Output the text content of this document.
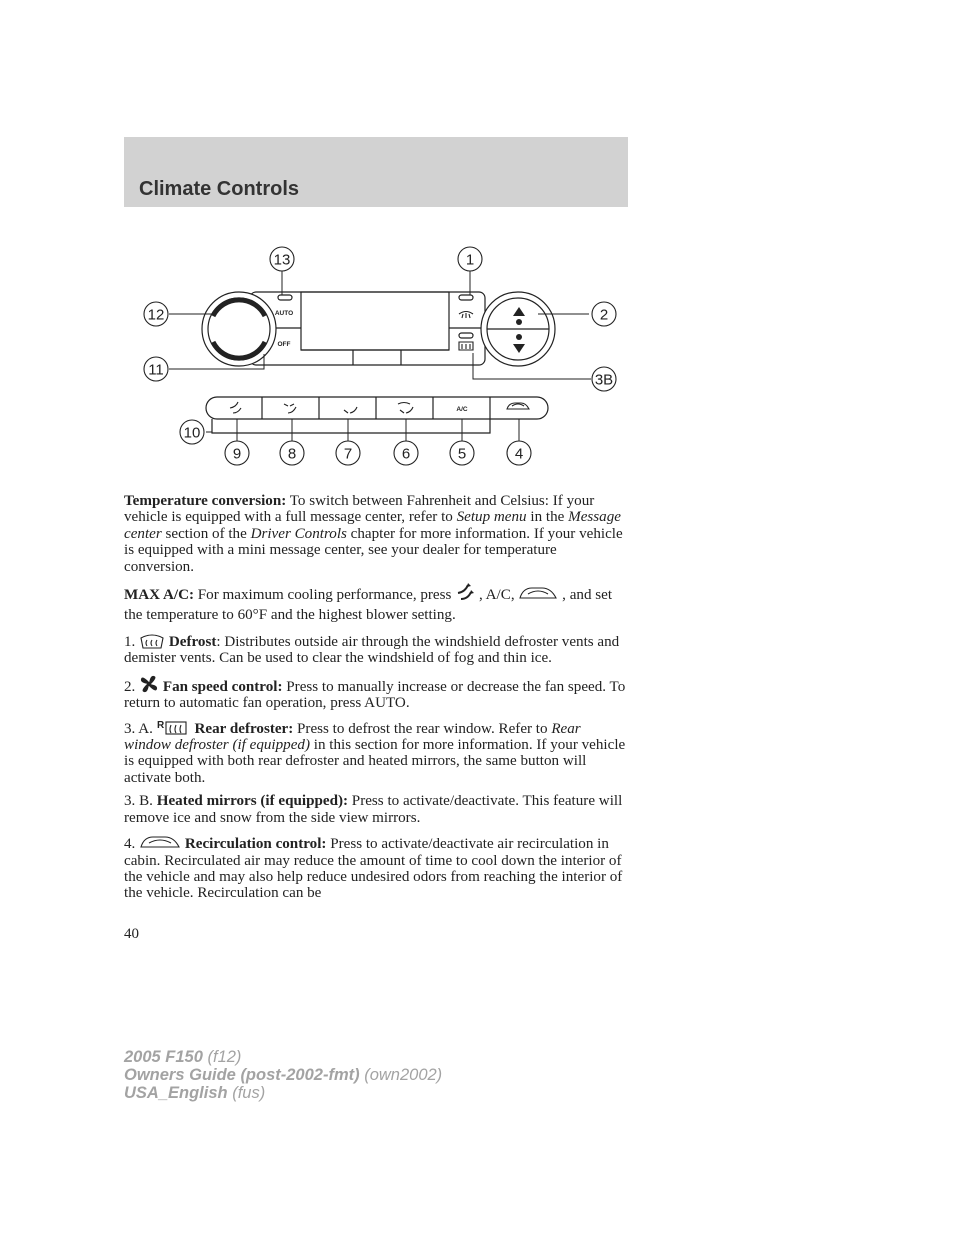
Climate Controls
AUTO
OFF
A/C
13	1
12	2
11
3B
10
9	8	7	6	5	4

Temperature conversion: To switch between Fahrenheit and Celsius: If your vehicle is equipped with a full message center, refer to Setup menu in the Message center section of the Driver Controls chapter for more information. If your vehicle is equipped with a mini message center, see your dealer for temperature conversion.

MAX A/C: For maximum cooling performance, press  , A/C,	, and set the temperature to 60°F and the highest blower setting.

1.  Defrost: Distributes outside air through the windshield defroster vents and demister vents. Can be used to clear the windshield of fog and thin ice.

2.  Fan speed control: Press to manually increase or decrease the fan speed. To return to automatic fan operation, press AUTO.

3. A. R Rear defroster: Press to defrost the rear window. Refer to Rear window defroster (if equipped) in this section for more information. If your vehicle is equipped with both rear defroster and heated mirrors, the same button will activate both.

3. B. Heated mirrors (if equipped): Press to activate/deactivate. This feature will remove ice and snow from the side view mirrors.

4.	Recirculation control: Press to activate/deactivate air recirculation in cabin. Recirculated air may reduce the amount of time to cool down the interior of the vehicle and may also help reduce undesired odors from reaching the interior of the vehicle. Recirculation can be

40
2005 F150 (f12)
Owners Guide (post-2002-fmt) (own2002)
USA_English (fus)
